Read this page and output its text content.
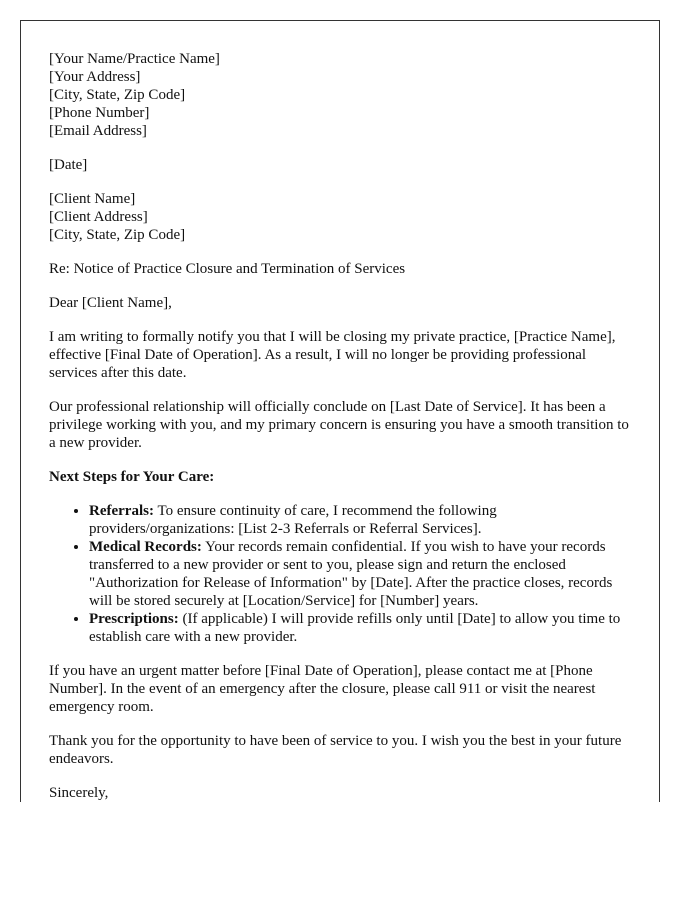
[Your Name/Practice Name]
[Your Address]
[City, State, Zip Code]
[Phone Number]
[Email Address]
[Date]
[Client Name]
[Client Address]
[City, State, Zip Code]

Re: Notice of Practice Closure and Termination of Services

Dear [Client Name],

I am writing to formally notify you that I will be closing my private practice, [Practice Name], effective [Final Date of Operation]. As a result, I will no longer be providing professional services after this date.

Our professional relationship will officially conclude on [Last Date of Service]. It has been a privilege working with you, and my primary concern is ensuring you have a smooth transition to a new provider.

Next Steps for Your Care:
• Referrals: To ensure continuity of care, I recommend the following providers/organizations: [List 2-3 Referrals or Referral Services].
• Medical Records: Your records remain confidential. If you wish to have your records transferred to a new provider or sent to you, please sign and return the enclosed "Authorization for Release of Information" by [Date]. After the practice closes, records will be stored securely at [Location/Service] for [Number] years.
• Prescriptions: (If applicable) I will provide refills only until [Date] to allow you time to establish care with a new provider.

If you have an urgent matter before [Final Date of Operation], please contact me at [Phone Number]. In the event of an emergency after the closure, please call 911 or visit the nearest emergency room.

Thank you for the opportunity to have been of service to you. I wish you the best in your future endeavors.

Sincerely,
